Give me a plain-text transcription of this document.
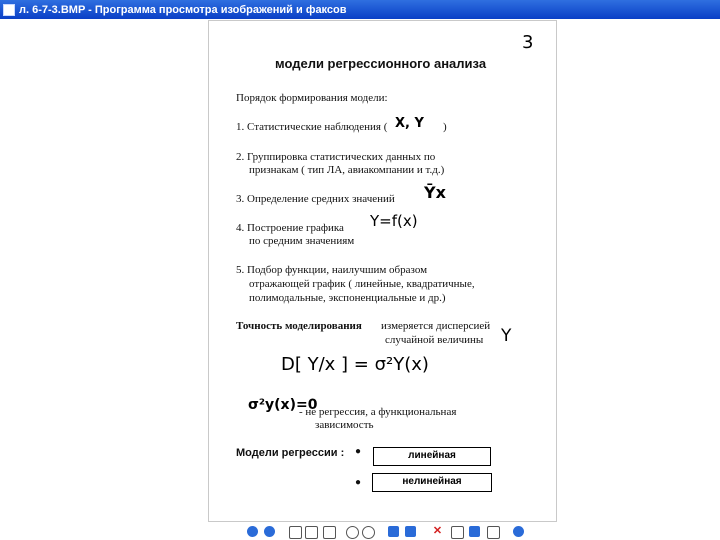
л. 6-7-3.BMP - Программа просмотра изображений и факсов
3
модели регрессионного анализа
Порядок формирования модели:
1. Статистические наблюдения ( X, Y )
2. Группировка статистических данных по
признакам ( тип ЛА, авиакомпании и т.д.)
3. Определение средних значений Ȳx
4. Построение графика
по средним значениям
Y=f(x)
5. Подбор функции, наилучшим образом
отражающей график ( линейные, квадратичные,
полимодальные, экспоненциальные и др.)
Точность моделирования измеряется дисперсией
случайной величины Y
D[ Y/x ] = σ²Y(x)
σ²y(x)=0
- не регрессия, а функциональная
зависимость
Модели регрессии : ●	линейная
●	нелинейная
✕
